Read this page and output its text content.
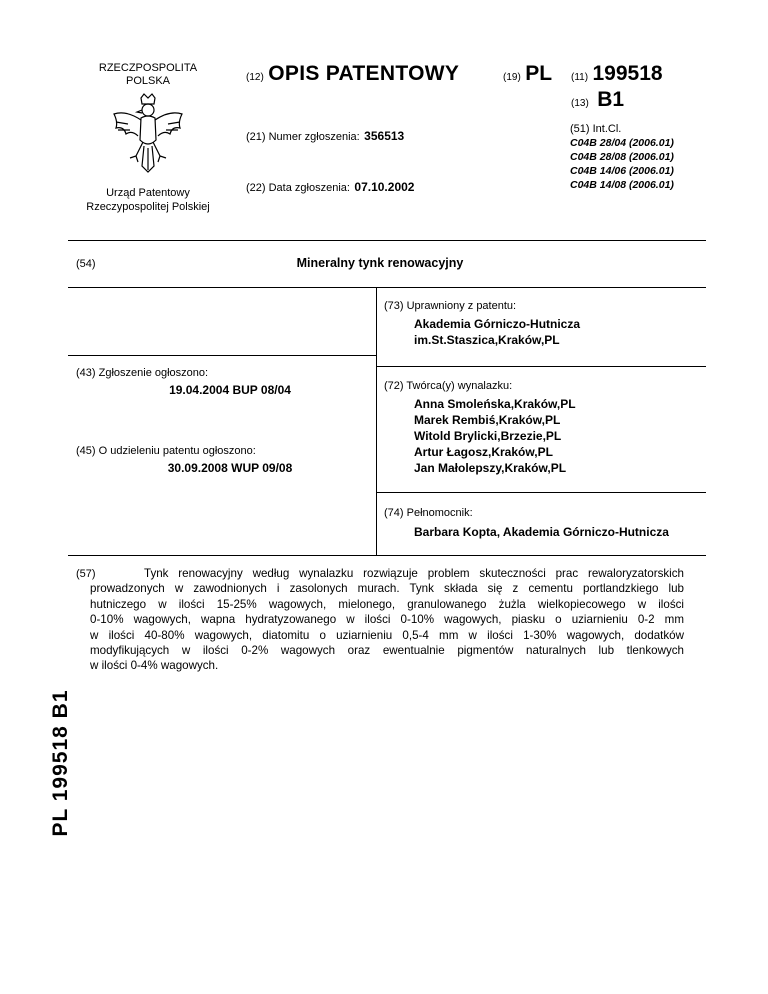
RZECZPOSPOLITA
POLSKA
Urząd Patentowy
Rzeczypospolitej Polskiej
(12) OPIS PATENTOWY	(19) PL (11) 199518
(13) B1
(21) Numer zgłoszenia: 356513
(22) Data zgłoszenia: 07.10.2002
(51) Int.Cl.
C04B 28/04 (2006.01)
C04B 28/08 (2006.01)
C04B 14/06 (2006.01)
C04B 14/08 (2006.01)
(54)	Mineralny tynk renowacyjny
(73) Uprawniony z patentu:
Akademia Górniczo-Hutnicza
im.St.Staszica,Kraków,PL
(43) Zgłoszenie ogłoszono:
19.04.2004 BUP 08/04	(72) Twórca(y) wynalazku:
Anna Smoleńska,Kraków,PL
Marek Rembiś,Kraków,PL
Witold Brylicki,Brzezie,PL
Artur Łagosz,Kraków,PL
Jan Małolepszy,Kraków,PL
(45) O udzieleniu patentu ogłoszono:
30.09.2008 WUP 09/08
(74) Pełnomocnik:
Barbara Kopta, Akademia Górniczo-Hutnicza
(57)	Tynk renowacyjny według wynalazku rozwiązuje problem skuteczności prac rewaloryzatorskich
prowadzonych w zawodnionych i zasolonych murach. Tynk składa się z cementu portlandzkiego lub
hutniczego w ilości 15-25% wagowych, mielonego, granulowanego żużla wielkopiecowego w ilości
0-10% wagowych, wapna hydratyzowanego w ilości 0-10% wagowych, piasku o uziarnieniu 0-2 mm
w ilości 40-80% wagowych, diatomitu o uziarnieniu 0,5-4 mm w ilości 1-30% wagowych, dodatków
modyfikujących w ilości 0-2% wagowych oraz ewentualnie pigmentów naturalnych lub tlenkowych
w ilości 0-4% wagowych.
PL 199518 B1
